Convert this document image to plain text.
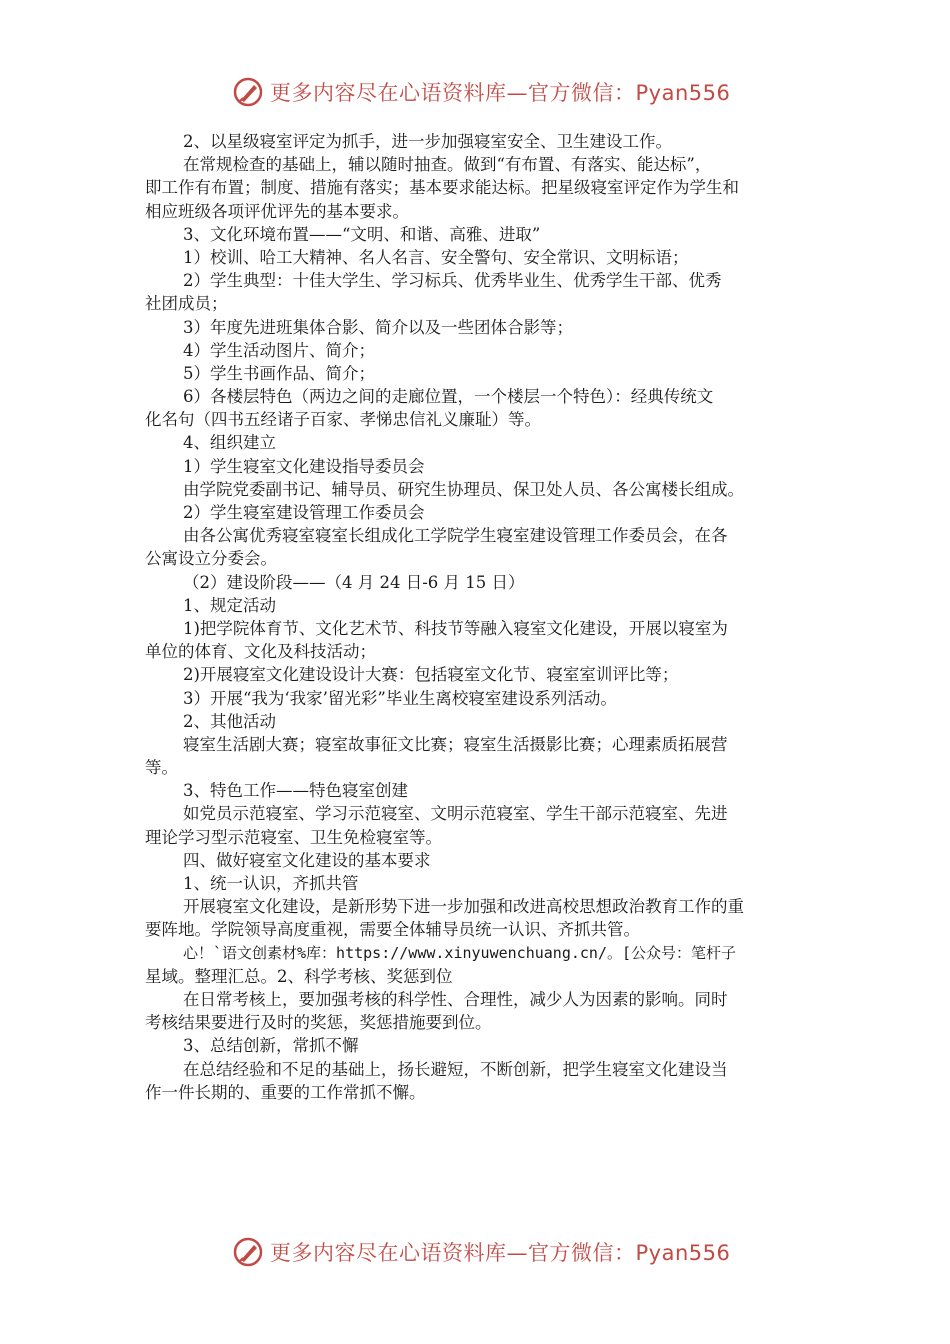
更多内容尽在心语资料库—官方微信：Pyan556
2、以星级寝室评定为抓手，进一步加强寝室安全、卫生建设工作。
在常规检查的基础上，辅以随时抽查。做到“有布置、有落实、能达标”，
即工作有布置；制度、措施有落实；基本要求能达标。把星级寝室评定作为学生和
相应班级各项评优评先的基本要求。
3、文化环境布置——“文明、和谐、高雅、进取”
1）校训、哈工大精神、名人名言、安全警句、安全常识、文明标语；
2）学生典型：十佳大学生、学习标兵、优秀毕业生、优秀学生干部、优秀
社团成员；
3）年度先进班集体合影、简介以及一些团体合影等；
4）学生活动图片、简介；
5）学生书画作品、简介；
6）各楼层特色（两边之间的走廊位置，一个楼层一个特色）：经典传统文
化名句（四书五经诸子百家、孝悌忠信礼义廉耻）等。
4、组织建立
1）学生寝室文化建设指导委员会
由学院党委副书记、辅导员、研究生协理员、保卫处人员、各公寓楼长组成。
2）学生寝室建设管理工作委员会
由各公寓优秀寝室寝室长组成化工学院学生寝室建设管理工作委员会，在各
公寓设立分委会。
（2）建设阶段——（4 月 24 日-6 月 15 日）
1、规定活动
1)把学院体育节、文化艺术节、科技节等融入寝室文化建设，开展以寝室为
单位的体育、文化及科技活动；
2)开展寝室文化建设设计大赛：包括寝室文化节、寝室室训评比等；
3）开展“我为‘我家’留光彩”毕业生离校寝室建设系列活动。
2、其他活动
寝室生活剧大赛；寝室故事征文比赛；寝室生活摄影比赛；心理素质拓展营
等。
3、特色工作——特色寝室创建
如党员示范寝室、学习示范寝室、文明示范寝室、学生干部示范寝室、先进
理论学习型示范寝室、卫生免检寝室等。
四、做好寝室文化建设的基本要求
1、统一认识，齐抓共管
开展寝室文化建设，是新形势下进一步加强和改进高校思想政治教育工作的重
要阵地。学院领导高度重视，需要全体辅导员统一认识、齐抓共管。
心！`语文创素材%库：https://www.xinyuwenchuang.cn/。[公众号：笔杆子
星域。整理汇总。2、科学考核、奖惩到位
在日常考核上，要加强考核的科学性、合理性，减少人为因素的影响。同时
考核结果要进行及时的奖惩，奖惩措施要到位。
3、总结创新，常抓不懈
在总结经验和不足的基础上，扬长避短，不断创新，把学生寝室文化建设当
作一件长期的、重要的工作常抓不懈。
更多内容尽在心语资料库—官方微信：Pyan556
